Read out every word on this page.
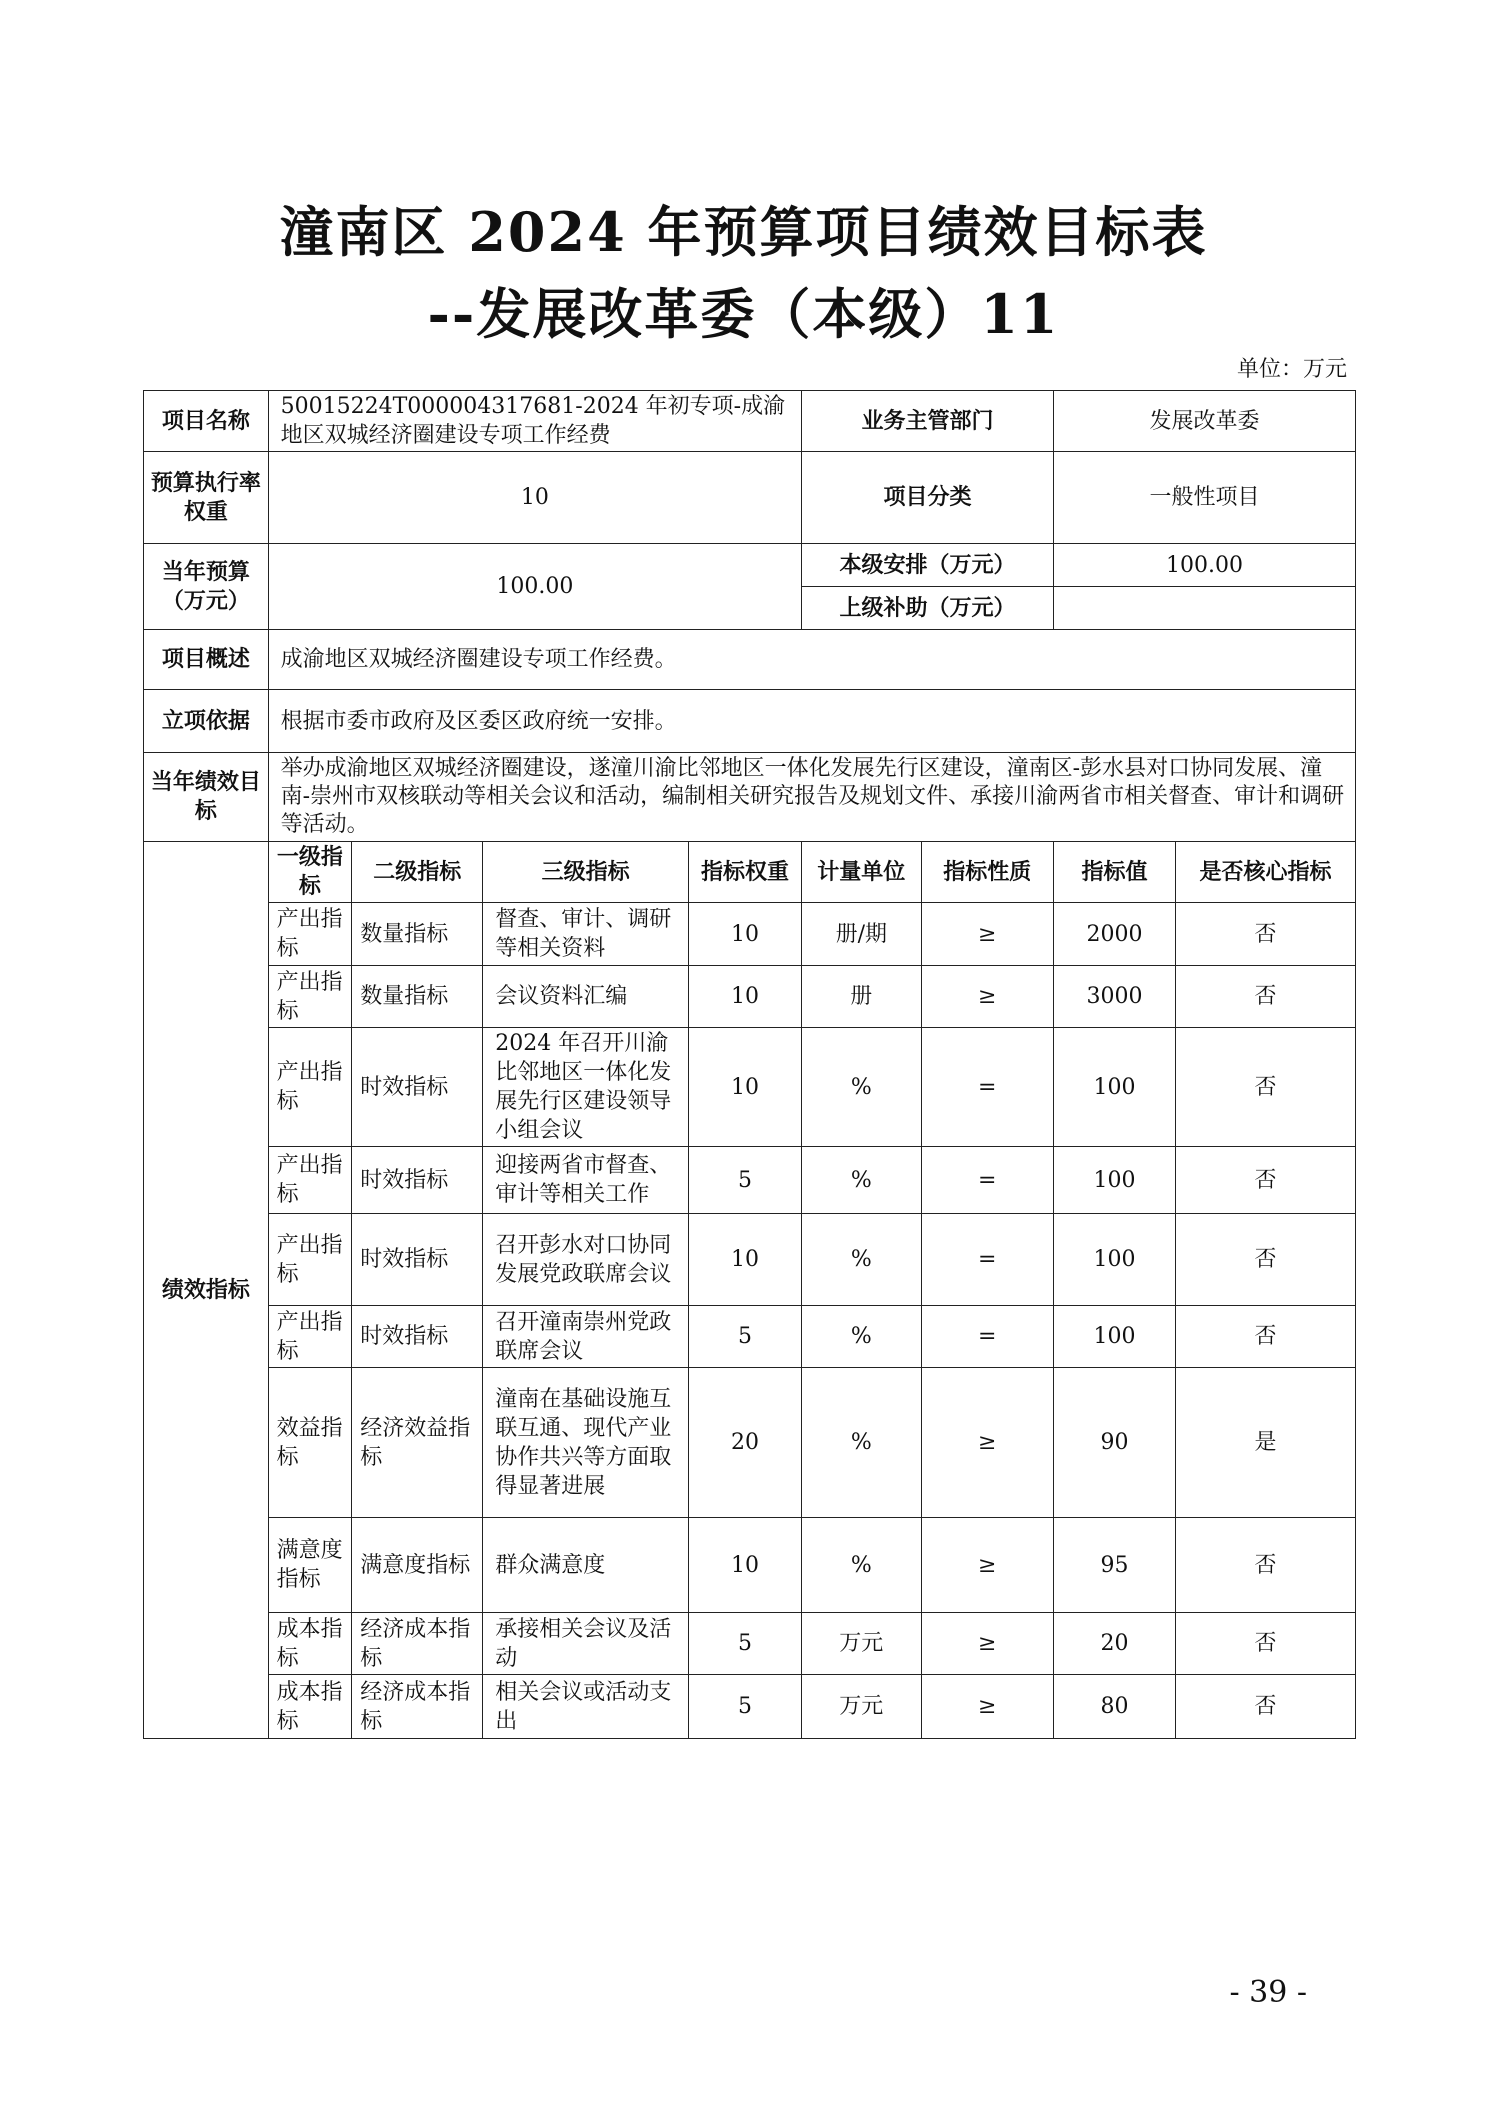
潼南区 2024 年预算项目绩效目标表
--发展改革委（本级）11
单位：万元
项目名称	50015224T000004317681-2024 年初专项-成渝地区双城经济圈建设专项工作经费				业务主管部门		发展改革委	
预算执行率权重	10				项目分类		一般性项目	
当年预算（万元）	100.00				本级安排（万元）		100.00	
					上级补助（万元）			
项目概述	成渝地区双城经济圈建设专项工作经费。							
立项依据	根据市委市政府及区委区政府统一安排。							
当年绩效目标	举办成渝地区双城经济圈建设，遂潼川渝比邻地区一体化发展先行区建设，潼南区-彭水县对口协同发展、潼南-崇州市双核联动等相关会议和活动，编制相关研究报告及规划文件、承接川渝两省市相关督查、审计和调研等活动。							
绩效指标	一级指标	二级指标	三级指标	指标权重	计量单位	指标性质	指标值	是否核心指标
	产出指标	数量指标	督查、审计、调研等相关资料	10	册/期	≥	2000	否
	产出指标	数量指标	会议资料汇编	10	册	≥	3000	否
	产出指标	时效指标	2024 年召开川渝比邻地区一体化发展先行区建设领导小组会议	10	%	=	100	否
	产出指标	时效指标	迎接两省市督查、审计等相关工作	5	%	=	100	否
	产出指标	时效指标	召开彭水对口协同发展党政联席会议	10	%	=	100	否
	产出指标	时效指标	召开潼南崇州党政联席会议	5	%	=	100	否
	效益指标	经济效益指标	潼南在基础设施互联互通、现代产业协作共兴等方面取得显著进展	20	%	≥	90	是
	满意度指标	满意度指标	群众满意度	10	%	≥	95	否
	成本指标	经济成本指标	承接相关会议及活动	5	万元	≥	20	否
	成本指标	经济成本指标	相关会议或活动支出	5	万元	≥	80	否
- 39 -
